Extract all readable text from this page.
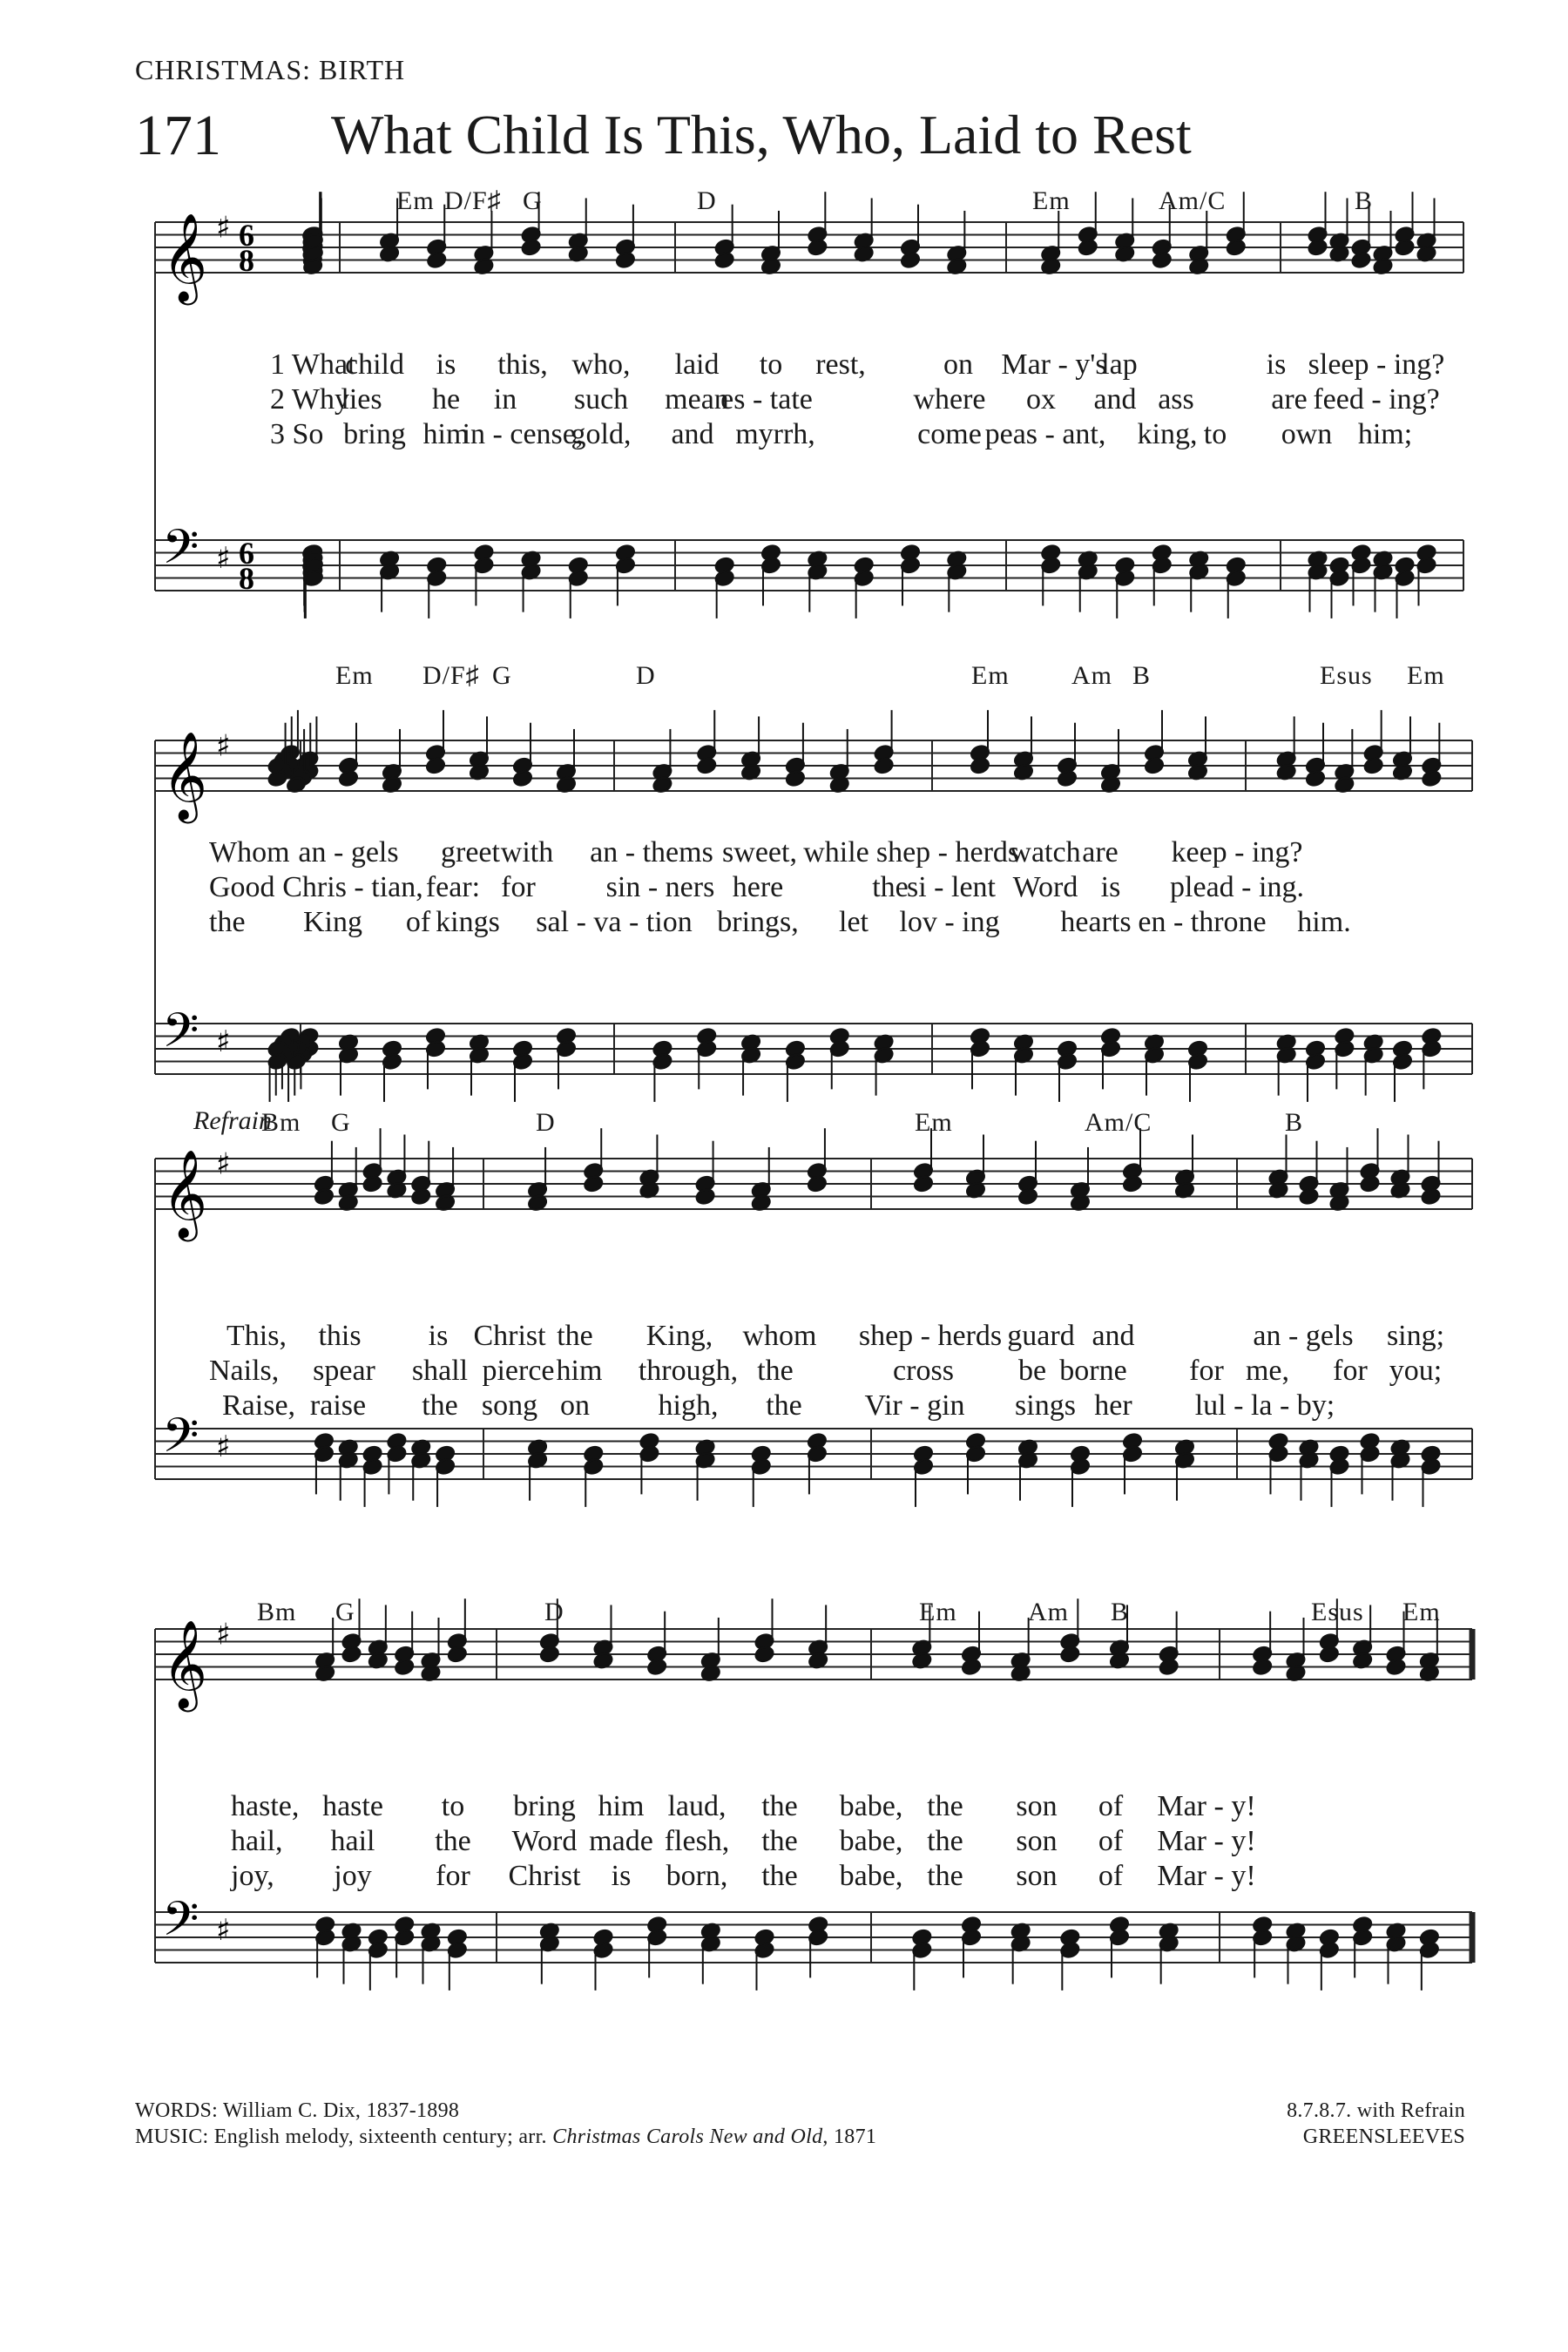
CHRISTMAS: BIRTH
171 What Child Is This, Who, Laid to Rest
Refrain
𝄞
𝄢
♯
♯
6
6
8
8
𝄞
𝄢
♯
♯
𝄞
𝄢
♯
♯
𝄞
𝄢
♯
♯
Em D/F♯ G	D	Em	Am/C	B
1 What
child is this, who, laid to rest,	on Mar - y's
lap	is sleep - ing?
2 Why
lies he in such mean
es - tate	where ox and ass	are feed - ing?
3 So bring him
in - cense,
gold, and myrrh,	come peas - ant, king, to own him;
Em D/F♯ G	D	Em Am B	Esus Em
Whom an - gels greet with an - thems sweet, while shep - herds
watch are keep - ing?
Good Chris - tian, fear: for sin - ners here	the
si - lent Word is plead - ing.
the King of kings sal - va - tion brings, let lov - ing hearts en - throne him.
Bm G	D	Em	Am/C	B
This, this is Christ the King, whom shep - herds guard and	an - gels sing;
Nails, spear shall pierce him through, the	cross be borne for me, for you;
Raise, raise the song on high, the Vir - gin sings her lul - la - by;
Bm G	D	Em	Am B	Esus Em
haste, haste to bring him laud, the babe, the son of Mar - y!
hail, hail the Word made flesh, the babe, the son of Mar - y!
joy, joy for Christ is born, the babe, the son of Mar - y!
WORDS: William C. Dix, 1837-1898
MUSIC: English melody, sixteenth century; arr. Christmas Carols New and Old, 1871
8.7.8.7. with Refrain
GREENSLEEVES
